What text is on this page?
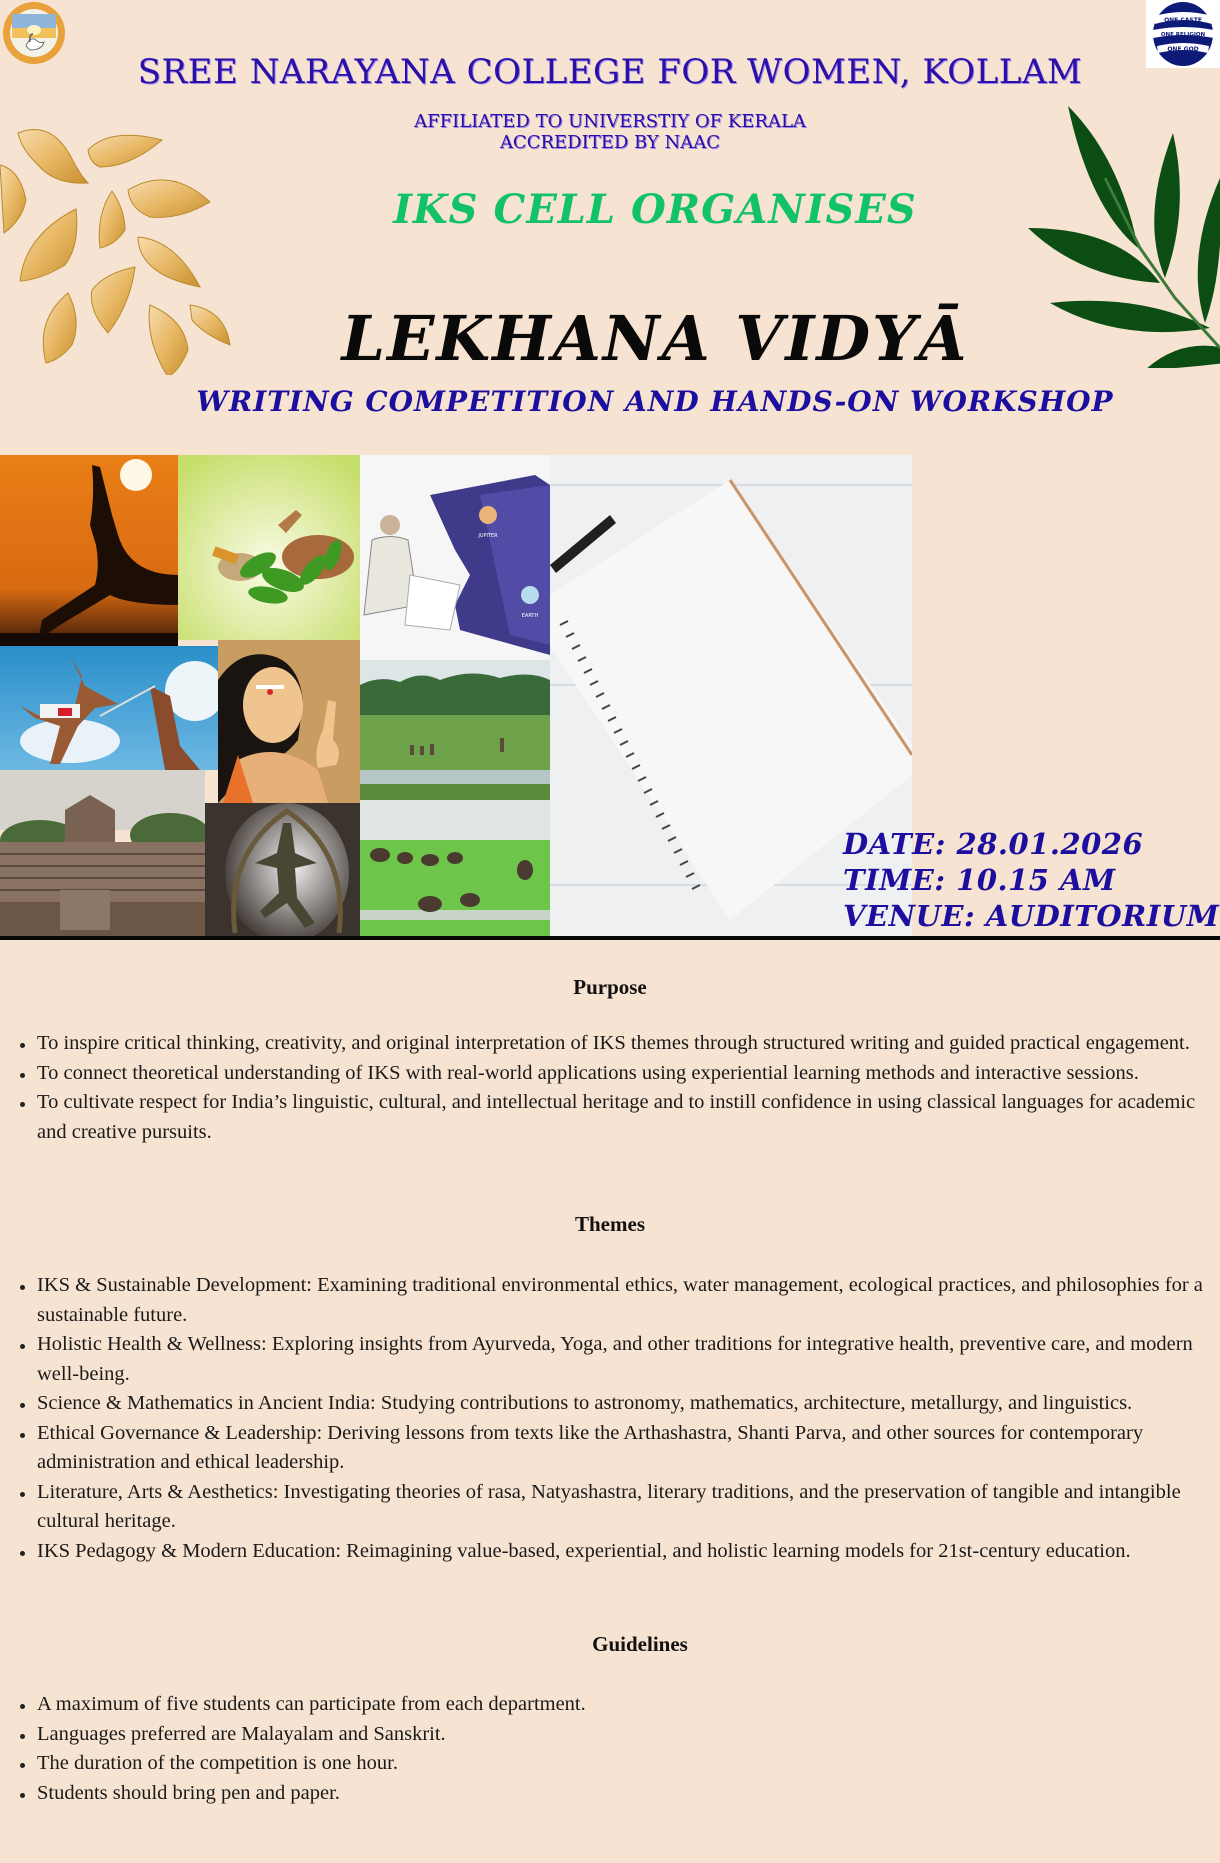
ONE CASTE
ONE RELIGION
ONE GOD
SREE NARAYANA COLLEGE FOR WOMEN, KOLLAM
AFFILIATED TO UNIVERSTIY OF KERALA
ACCREDITED BY NAAC
IKS CELL ORGANISES
LEKHANA VIDYĀ
WRITING COMPETITION AND HANDS-ON WORKSHOP
JUPITER
EARTH
DATE: 28.01.2026
TIME: 10.15 AM
VENUE: AUDITORIUM
Purpose
To inspire critical thinking, creativity, and original interpretation of IKS themes through structured writing and guided practical engagement.
To connect theoretical understanding of IKS with real-world applications using experiential learning methods and interactive sessions.
To cultivate respect for India’s linguistic, cultural, and intellectual heritage and to instill confidence in using classical languages for academic and creative pursuits.
Themes
IKS & Sustainable Development: Examining traditional environmental ethics, water management, ecological practices, and philosophies for a sustainable future.
Holistic Health & Wellness: Exploring insights from Ayurveda, Yoga, and other traditions for integrative health, preventive care, and modern well-being.
Science & Mathematics in Ancient India: Studying contributions to astronomy, mathematics, architecture, metallurgy, and linguistics.
Ethical Governance & Leadership: Deriving lessons from texts like the Arthashastra, Shanti Parva, and other sources for contemporary administration and ethical leadership.
Literature, Arts & Aesthetics: Investigating theories of rasa, Natyashastra, literary traditions, and the preservation of tangible and intangible cultural heritage.
IKS Pedagogy & Modern Education: Reimagining value-based, experiential, and holistic learning models for 21st-century education.
Guidelines
A maximum of five students can participate from each department.
Languages preferred are Malayalam and Sanskrit.
The duration of the competition is one hour.
Students should bring pen and paper.
